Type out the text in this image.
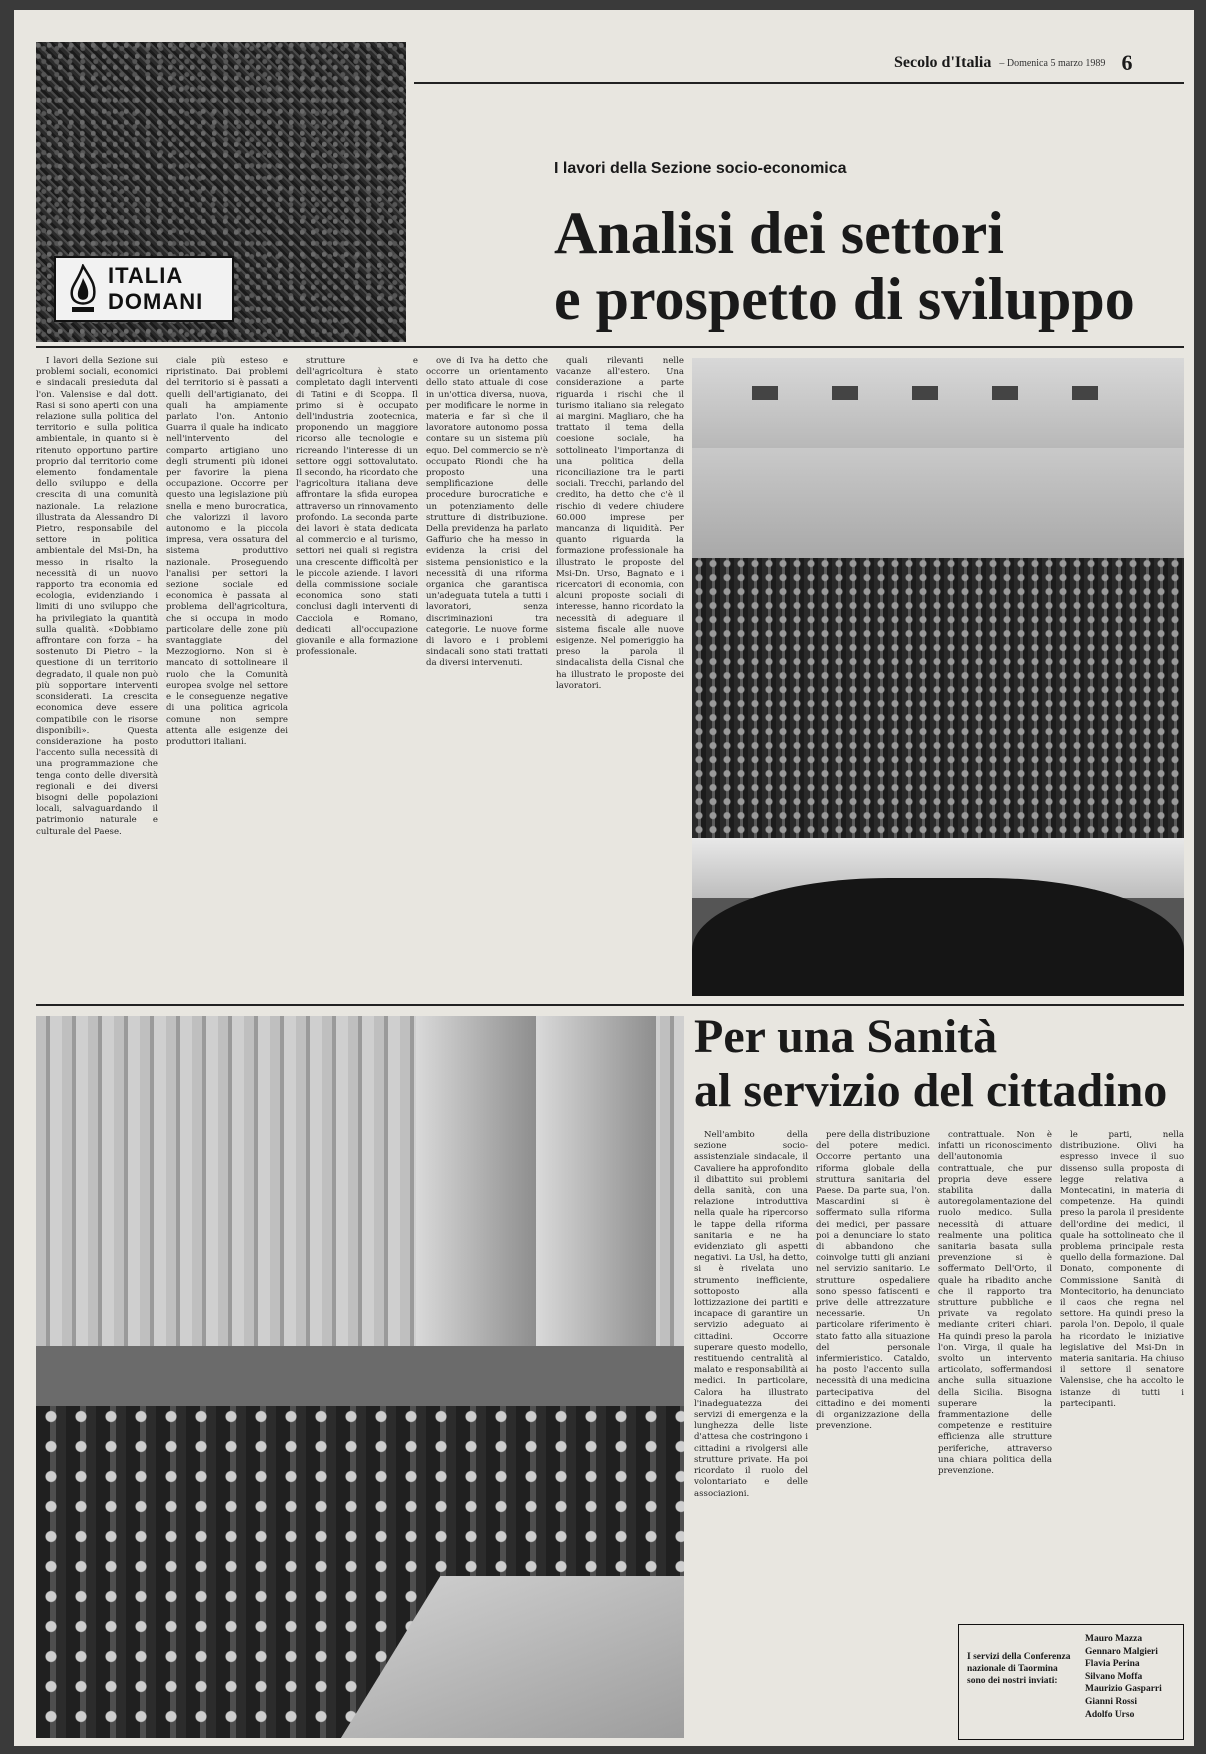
Secolo d'Italia – Domenica 5 marzo 1989 6
ITALIA
DOMANI
I lavori della Sezione socio-economica
Analisi dei settori
e prospetto di sviluppo

I lavori della Sezione sui problemi sociali, economici e sindacali presieduta dal l'on. Valensise e dal dott. Rasi si sono aperti con una relazione sulla politica del territorio e sulla politica ambientale, in quanto si è ritenuto opportuno partire proprio dal territorio come elemento fondamentale dello sviluppo e della crescita di una comunità nazionale. La relazione illustrata da Alessandro Di Pietro, responsabile del settore in politica ambientale del Msi-Dn, ha messo in risalto la necessità di un nuovo rapporto tra economia ed ecologia, evidenziando i limiti di uno sviluppo che ha privilegiato la quantità sulla qualità. «Dobbiamo affrontare con forza – ha sostenuto Di Pietro – la questione di un territorio degradato, il quale non può più sopportare interventi sconsiderati. La crescita economica deve essere compatibile con le risorse disponibili». Questa considerazione ha posto l'accento sulla necessità di una programmazione che tenga conto delle diversità regionali e dei diversi bisogni delle popolazioni locali, salvaguardando il patrimonio naturale e culturale del Paese.

ciale più esteso e ripristinato. Dai problemi del territorio si è passati a quelli dell'artigianato, dei quali ha ampiamente parlato l'on. Antonio Guarra il quale ha indicato nell'intervento del comparto artigiano uno degli strumenti più idonei per favorire la piena occupazione. Occorre per questo una legislazione più snella e meno burocratica, che valorizzi il lavoro autonomo e la piccola impresa, vera ossatura del sistema produttivo nazionale. Proseguendo l'analisi per settori la sezione sociale ed economica è passata al problema dell'agricoltura, che si occupa in modo particolare delle zone più svantaggiate del Mezzogiorno. Non si è mancato di sottolineare il ruolo che la Comunità europea svolge nel settore e le conseguenze negative di una politica agricola comune non sempre attenta alle esigenze dei produttori italiani.

strutture e dell'agricoltura è stato completato dagli interventi di Tatini e di Scoppa. Il primo si è occupato dell'industria zootecnica, proponendo un maggiore ricorso alle tecnologie e ricreando l'interesse di un settore oggi sottovalutato. Il secondo, ha ricordato che l'agricoltura italiana deve affrontare la sfida europea attraverso un rinnovamento profondo. La seconda parte dei lavori è stata dedicata al commercio e al turismo, settori nei quali si registra una crescente difficoltà per le piccole aziende. I lavori della commissione sociale economica sono stati conclusi dagli interventi di Cacciola e Romano, dedicati all'occupazione giovanile e alla formazione professionale.

ove di Iva ha detto che occorre un orientamento dello stato attuale di cose in un'ottica diversa, nuova, per modificare le norme in materia e far sì che il lavoratore autonomo possa contare su un sistema più equo. Del commercio se n'è occupato Riondi che ha proposto una semplificazione delle procedure burocratiche e un potenziamento delle strutture di distribuzione. Della previdenza ha parlato Gaffurio che ha messo in evidenza la crisi del sistema pensionistico e la necessità di una riforma organica che garantisca un'adeguata tutela a tutti i lavoratori, senza discriminazioni tra categorie. Le nuove forme di lavoro e i problemi sindacali sono stati trattati da diversi intervenuti.

quali rilevanti nelle vacanze all'estero. Una considerazione a parte riguarda i rischi che il turismo italiano sia relegato ai margini. Magliaro, che ha trattato il tema della coesione sociale, ha sottolineato l'importanza di una politica della riconciliazione tra le parti sociali. Trecchi, parlando del credito, ha detto che c'è il rischio di vedere chiudere 60.000 imprese per mancanza di liquidità. Per quanto riguarda la formazione professionale ha illustrato le proposte del Msi-Dn. Urso, Bagnato e i ricercatori di economia, con alcuni proposte sociali di interesse, hanno ricordato la necessità di adeguare il sistema fiscale alle nuove esigenze. Nel pomeriggio ha preso la parola il sindacalista della Cisnal che ha illustrato le proposte dei lavoratori.

Per una Sanità
al servizio del cittadino

Nell'ambito della sezione socio-assistenziale sindacale, il Cavaliere ha approfondito il dibattito sui problemi della sanità, con una relazione introduttiva nella quale ha ripercorso le tappe della riforma sanitaria e ne ha evidenziato gli aspetti negativi. La Usl, ha detto, si è rivelata uno strumento inefficiente, sottoposto alla lottizzazione dei partiti e incapace di garantire un servizio adeguato ai cittadini. Occorre superare questo modello, restituendo centralità al malato e responsabilità ai medici. In particolare, Calora ha illustrato l'inadeguatezza dei servizi di emergenza e la lunghezza delle liste d'attesa che costringono i cittadini a rivolgersi alle strutture private. Ha poi ricordato il ruolo del volontariato e delle associazioni.

pere della distribuzione del potere medici. Occorre pertanto una riforma globale della struttura sanitaria del Paese. Da parte sua, l'on. Mascardini si è soffermato sulla riforma dei medici, per passare poi a denunciare lo stato di abbandono che coinvolge tutti gli anziani nel servizio sanitario. Le strutture ospedaliere sono spesso fatiscenti e prive delle attrezzature necessarie. Un particolare riferimento è stato fatto alla situazione del personale infermieristico. Cataldo, ha posto l'accento sulla necessità di una medicina partecipativa del cittadino e dei momenti di organizzazione della prevenzione.

contrattuale. Non è infatti un riconoscimento dell'autonomia contrattuale, che pur propria deve essere stabilita dalla autoregolamentazione del ruolo medico. Sulla necessità di attuare realmente una politica sanitaria basata sulla prevenzione si è soffermato Dell'Orto, il quale ha ribadito anche che il rapporto tra strutture pubbliche e private va regolato mediante criteri chiari. Ha quindi preso la parola l'on. Virga, il quale ha svolto un intervento articolato, soffermandosi anche sulla situazione della Sicilia. Bisogna superare la frammentazione delle competenze e restituire efficienza alle strutture periferiche, attraverso una chiara politica della prevenzione.

le parti, nella distribuzione. Olivi ha espresso invece il suo dissenso sulla proposta di legge relativa a Montecatini, in materia di competenze. Ha quindi preso la parola il presidente dell'ordine dei medici, il quale ha sottolineato che il problema principale resta quello della formazione. Dal Donato, componente di Commissione Sanità di Montecitorio, ha denunciato il caos che regna nel settore. Ha quindi preso la parola l'on. Depolo, il quale ha ricordato le iniziative legislative del Msi-Dn in materia sanitaria. Ha chiuso il settore il senatore Valensise, che ha accolto le istanze di tutti i partecipanti.

I servizi della Conferenza nazionale di Taormina sono dei nostri inviati:
Mauro Mazza
Gennaro Malgieri
Flavia Perina
Silvano Moffa
Maurizio Gasparri
Gianni Rossi
Adolfo Urso
